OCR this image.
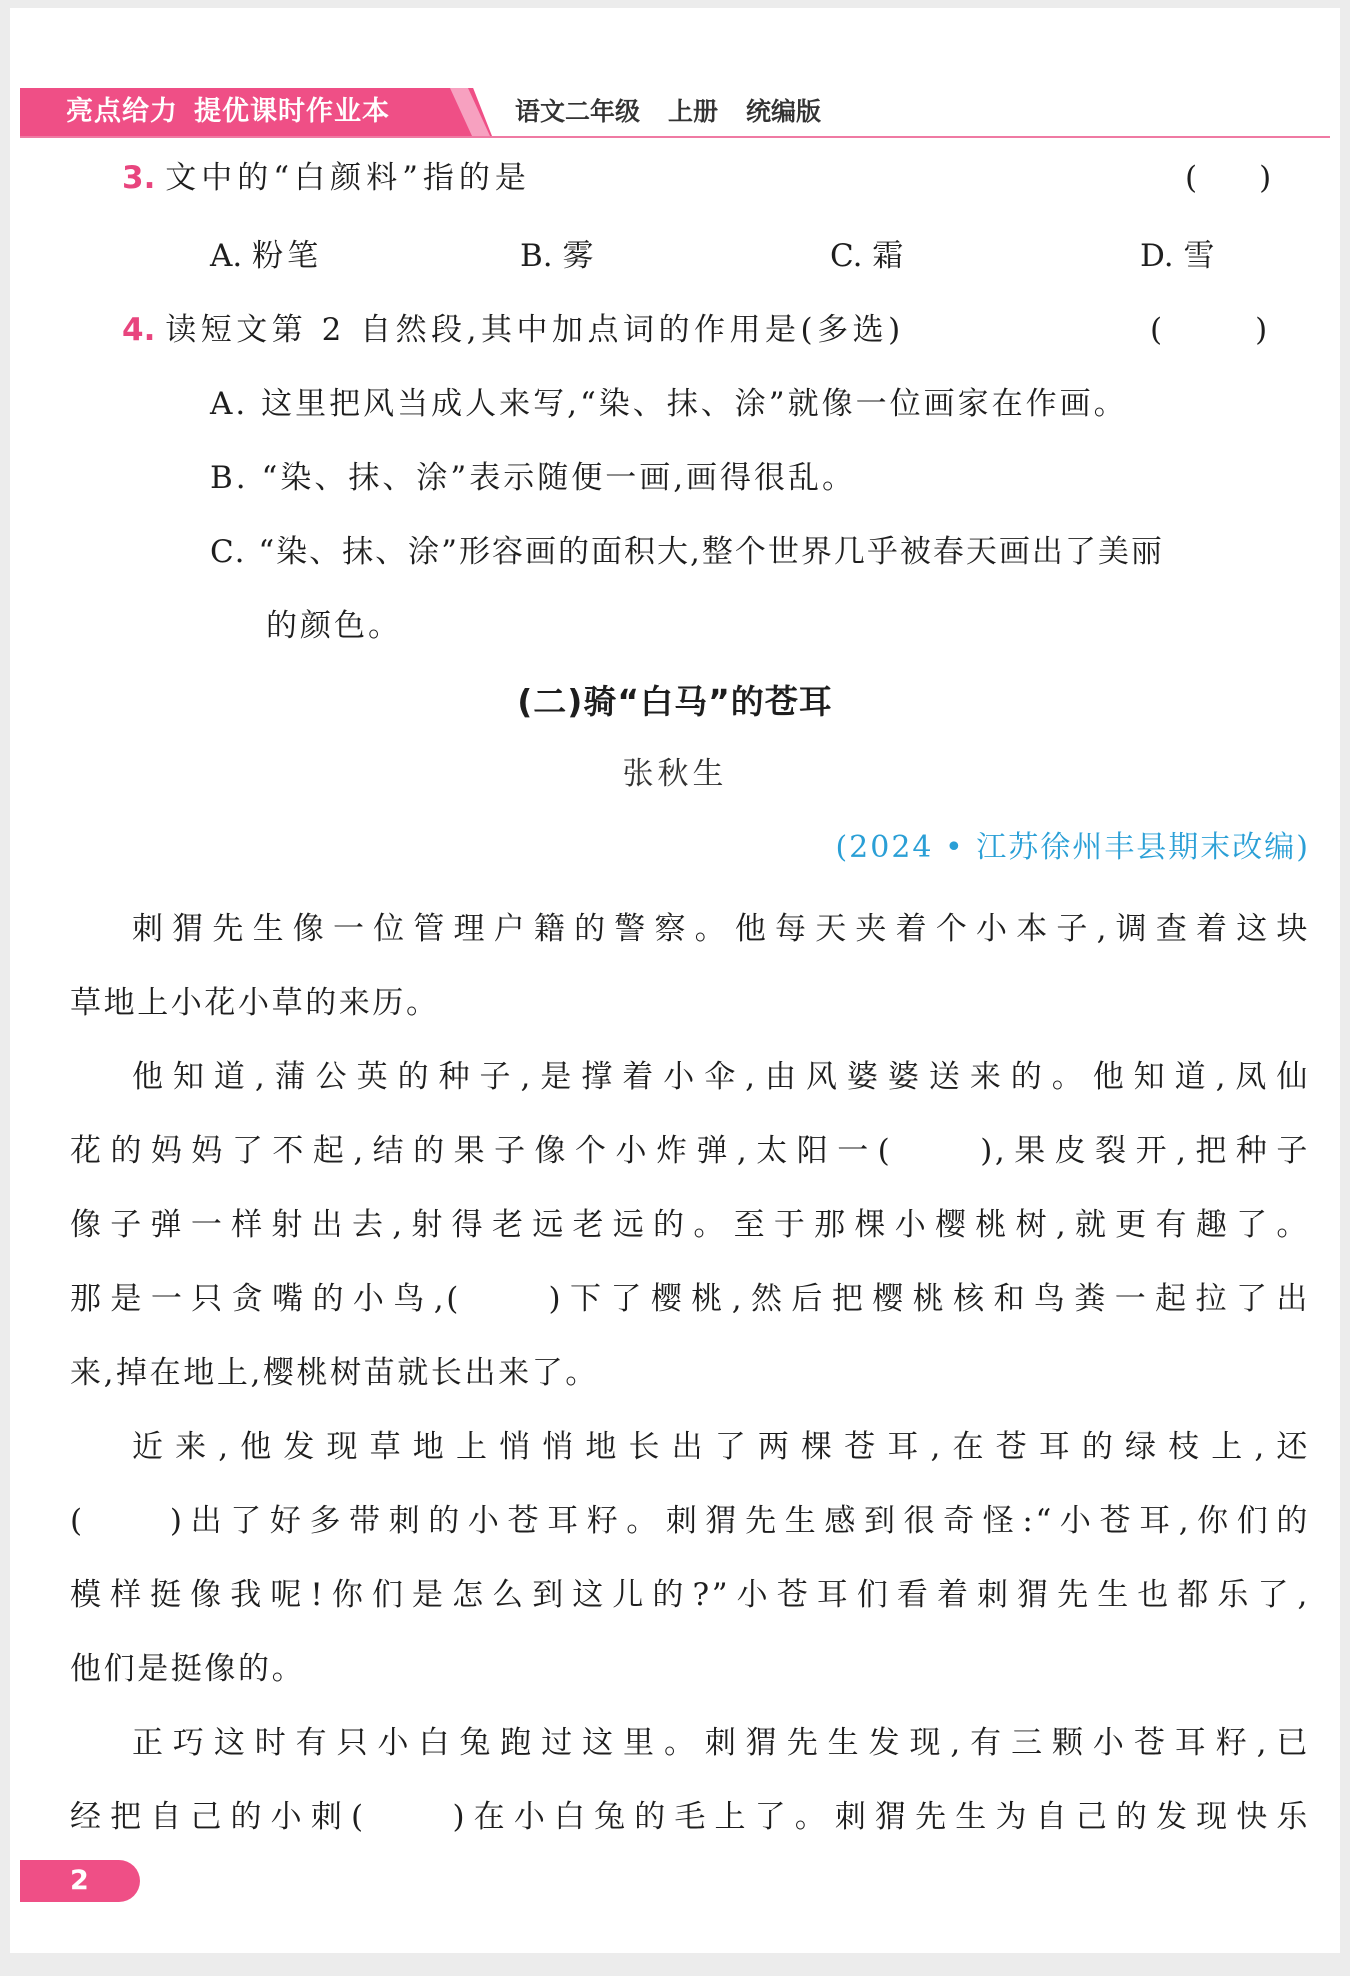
亮点给力 提优课时作业本	语文二年级 上册 统编版
3. 文中的“白颜料”指的是	(　　)
A. 粉笔	B. 雾	C. 霜	D. 雪
4. 读短文第 2 自然段,其中加点词的作用是(多选)	(　　　)
A. 这里把风当成人来写,“染、抹、涂”就像一位画家在作画。
B. “染、抹、涂”表示随便一画,画得很乱。
C. “染、抹、涂”形容画的面积大,整个世界几乎被春天画出了美丽
的颜色。
(二)骑“白马”的苍耳
张秋生
(2024 • 江苏徐州丰县期末改编)
刺猬先生像一位管理户籍的警察。他每天夹着个小本子,调查着这块
草地上小花小草的来历。
他知道,蒲公英的种子,是撑着小伞,由风婆婆送来的。他知道,凤仙
花的妈妈了不起,结的果子像个小炸弹,太阳一(　　),果皮裂开,把种子
像子弹一样射出去,射得老远老远的。至于那棵小樱桃树,就更有趣了。
那是一只贪嘴的小鸟,(　　)下了樱桃,然后把樱桃核和鸟粪一起拉了出
来,掉在地上,樱桃树苗就长出来了。
近来,他发现草地上悄悄地长出了两棵苍耳,在苍耳的绿枝上,还
(　　)出了好多带刺的小苍耳籽。刺猬先生感到很奇怪:“小苍耳,你们的
模样挺像我呢!你们是怎么到这儿的?”小苍耳们看着刺猬先生也都乐了,
他们是挺像的。
正巧这时有只小白兔跑过这里。刺猬先生发现,有三颗小苍耳籽,已
经把自己的小刺(　　)在小白兔的毛上了。刺猬先生为自己的发现快乐
2
